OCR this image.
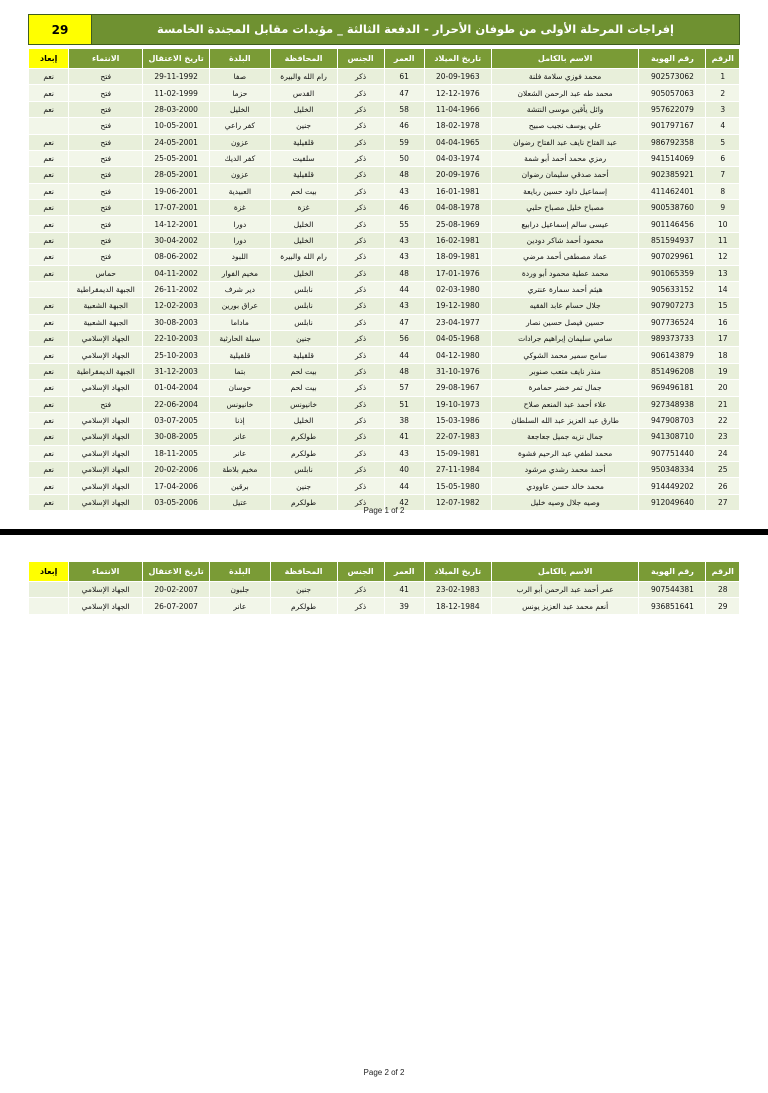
إفراجات المرحلة الأولى من طوفان الأحرار - الدفعة الثالثة _ مؤبدات مقابل المجندة الخامسة
29
الرقم	رقم الهوية	الاسم بالكامل	تاريخ الميلاد	العمر	الجنس	المحافظة	البلدة	تاريخ الاعتقال	الانتماء	إبعاد
1	902573062	محمد فوزي سلامة فلنة	20-09-1963	61	ذكر	رام الله والبيرة	صفا	29-11-1992	فتح	نعم
2	905057063	محمد طه عبد الرحمن الشعلان	12-12-1976	47	ذكر	القدس	حزما	11-02-1999	فتح	نعم
3	957622079	وائل يأقين موسى النتشة	11-04-1966	58	ذكر	الخليل	الخليل	28-03-2000	فتح	نعم
4	901797167	علي يوسف نجيب صبيح	18-02-1978	46	ذكر	جنين	كفر راعي	10-05-2001	فتح	
5	986792358	عبد الفتاح نايف عبد الفتاح رضوان	04-04-1965	59	ذكر	قلقيلية	عزون	24-05-2001	فتح	نعم
6	941514069	رمزي محمد أحمد أبو شمة	04-03-1974	50	ذكر	سلفيت	كفر الديك	25-05-2001	فتح	نعم
7	902385921	أحمد صدقي سليمان رضوان	20-09-1976	48	ذكر	قلقيلية	عزون	28-05-2001	فتح	نعم
8	411462401	إسماعيل داود حسين ربايعة	16-01-1981	43	ذكر	بيت لحم	العبيدية	19-06-2001	فتح	نعم
9	900538760	مصباح خليل مصباح حلبي	04-08-1978	46	ذكر	غزة	غزة	17-07-2001	فتح	نعم
10	901146456	عيسى سالم إسماعيل درابيع	25-08-1969	55	ذكر	الخليل	دورا	14-12-2001	فتح	نعم
11	851594937	محمود أحمد شاكر دودين	16-02-1981	43	ذكر	الخليل	دورا	30-04-2002	فتح	نعم
12	907029961	عماد مصطفى أحمد مرضي	18-09-1981	43	ذكر	رام الله والبيرة	اللبود	08-06-2002	فتح	نعم
13	901065359	محمد عطية محمود أبو وردة	17-01-1976	48	ذكر	الخليل	مخيم الفوار	04-11-2002	حماس	نعم
14	905633152	هيثم أحمد سمارة عنتري	02-03-1980	44	ذكر	نابلس	دير شرف	26-11-2002	الجبهة الديمقراطية	
15	907907273	جلال حسام عابد الفقيه	19-12-1980	43	ذكر	نابلس	عراق بورين	12-02-2003	الجبهة الشعبية	نعم
16	907736524	حسين فيصل حسين نصار	23-04-1977	47	ذكر	نابلس	ماداما	30-08-2003	الجبهة الشعبية	نعم
17	989373733	سامي سليمان إبراهيم جرادات	04-05-1968	56	ذكر	جنين	سيلة الحارثية	22-10-2003	الجهاد الإسلامي	نعم
18	906143879	سامح سمير محمد الشوكي	04-12-1980	44	ذكر	قلقيلية	قلقيلية	25-10-2003	الجهاد الإسلامي	نعم
19	851496208	منذر نايف متعب صنوبر	31-10-1976	48	ذكر	بيت لحم	بتما	31-12-2003	الجبهة الديمقراطية	نعم
20	969496181	جمال تمر خضر حمامرة	29-08-1967	57	ذكر	بيت لحم	حوسان	01-04-2004	الجهاد الإسلامي	نعم
21	927348938	علاء أحمد عبد المنعم صلاح	19-10-1973	51	ذكر	خانيونس	خانيونس	22-06-2004	فتح	نعم
22	947908703	طارق عبد العزيز عبد الله السلطان	15-03-1986	38	ذكر	الخليل	إذنا	03-07-2005	الجهاد الإسلامي	نعم
23	941308710	جمال نزيه جميل جعاجعة	22-07-1983	41	ذكر	طولكرم	عانر	30-08-2005	الجهاد الإسلامي	نعم
24	907751440	محمد لطفي عبد الرحيم فشوة	15-09-1981	43	ذكر	طولكرم	عانر	18-11-2005	الجهاد الإسلامي	نعم
25	950348334	أحمد محمد رشدي مرشود	27-11-1984	40	ذكر	نابلس	مخيم بلاطة	20-02-2006	الجهاد الإسلامي	نعم
26	914449202	محمد خالد حسن عاوودي	15-05-1980	44	ذكر	جنين	برقين	17-04-2006	الجهاد الإسلامي	نعم
27	912049640	وصيه جلال وصيه خليل	12-07-1982	42	ذكر	طولكرم	عتيل	03-05-2006	الجهاد الإسلامي	نعم
Page 1 of 2
الرقم	رقم الهوية	الاسم بالكامل	تاريخ الميلاد	العمر	الجنس	المحافظة	البلدة	تاريخ الاعتقال	الانتماء	إبعاد
28	907544381	عمر أحمد عبد الرحمن أبو الرب	23-02-1983	41	ذكر	جنين	جلبون	20-02-2007	الجهاد الإسلامي	
29	936851641	أنعم محمد عبد العزيز يونس	18-12-1984	39	ذكر	طولكرم	عانر	26-07-2007	الجهاد الإسلامي	
Page 2 of 2
